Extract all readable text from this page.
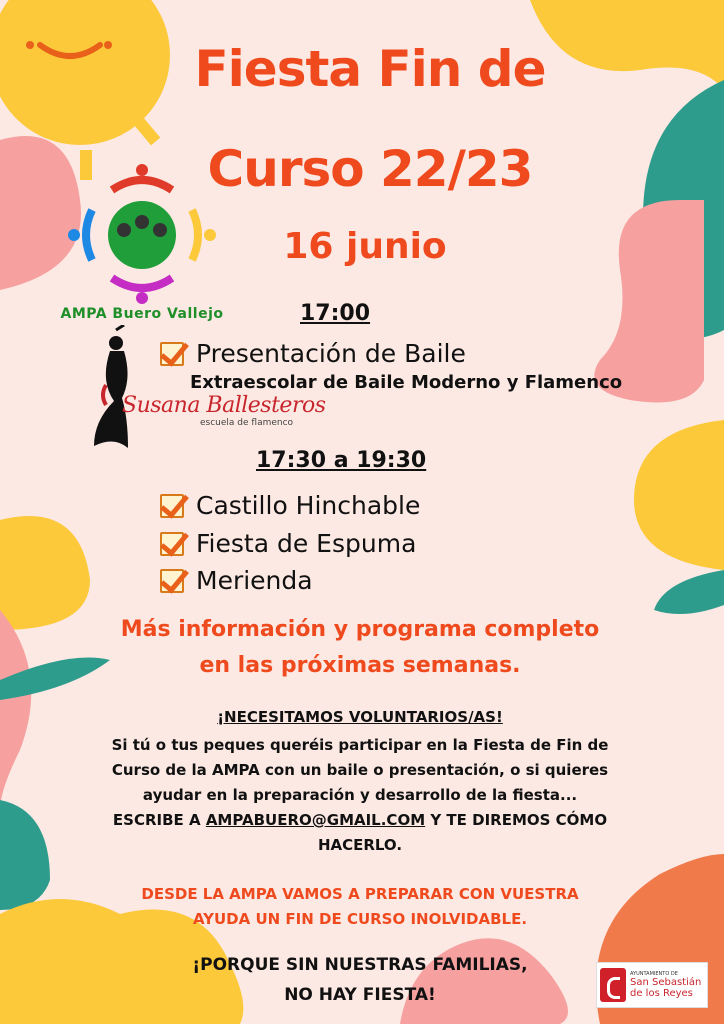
Fiesta Fin de
Curso 22/23
16 junio
AMPA Buero Vallejo	17:00
Presentación de Baile
Extraescolar de Baile Moderno y Flamenco
Susana Ballesteros
escuela de flamenco
17:30 a 19:30
Castillo Hinchable
Fiesta de Espuma
Merienda
Más información y programa completo
en las próximas semanas.
¡NECESITAMOS VOLUNTARIOS/AS!
Si tú o tus peques queréis participar en la Fiesta de Fin de
Curso de la AMPA con un baile o presentación, o si quieres
ayudar en la preparación y desarrollo de la fiesta...
ESCRIBE A AMPABUERO@GMAIL.COM Y TE DIREMOS CÓMO
HACERLO.
DESDE LA AMPA VAMOS A PREPARAR CON VUESTRA
AYUDA UN FIN DE CURSO INOLVIDABLE.
¡PORQUE SIN NUESTRAS FAMILIAS,
NO HAY FIESTA!
AYUNTAMIENTO DE
San Sebastián
de los Reyes
